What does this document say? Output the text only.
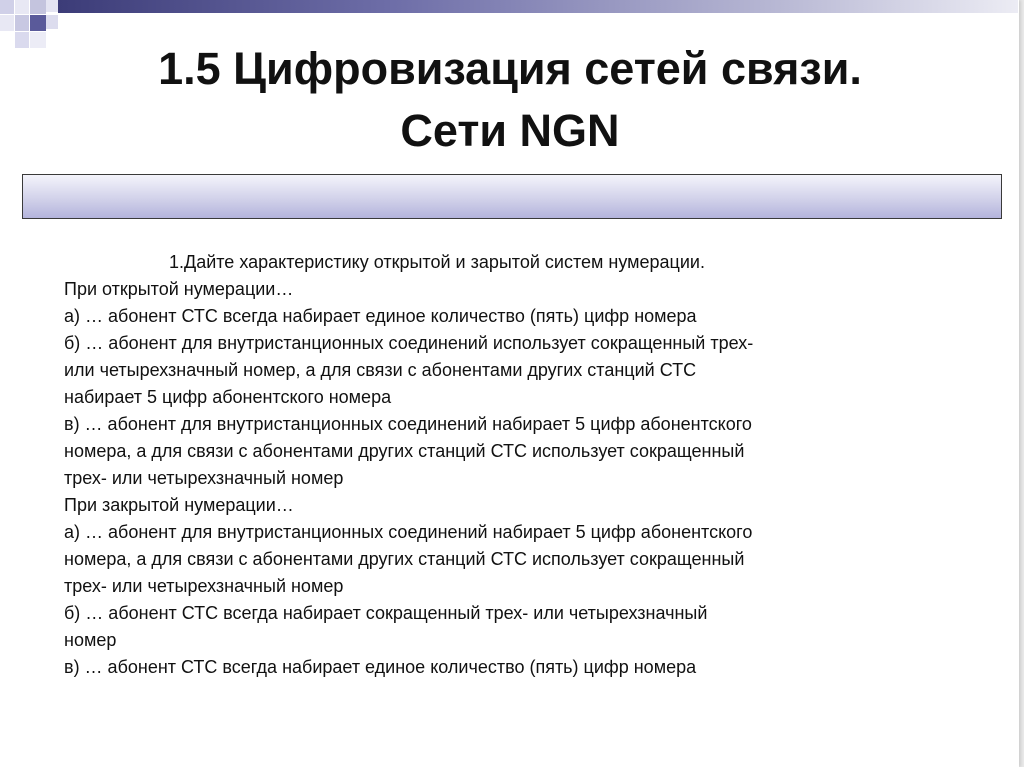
1.5 Цифровизация сетей связи.
Сети NGN

1.Дайте характеристику открытой и зарытой систем нумерации.

При открытой нумерации…

а) … абонент СТС всегда набирает единое количество (пять) цифр номера

б) … абонент для внутристанционных соединений использует сокращенный трех-

или четырехзначный номер, а для связи с абонентами других станций СТС

набирает 5 цифр абонентского номера

в) … абонент для внутристанционных соединений набирает 5 цифр абонентского

номера, а для связи с абонентами других станций СТС использует сокращенный

трех- или четырехзначный номер

При закрытой нумерации…

а) … абонент для внутристанционных соединений набирает 5 цифр абонентского

номера, а для связи с абонентами других станций СТС использует сокращенный

трех- или четырехзначный номер

б) … абонент СТС всегда набирает сокращенный трех- или четырехзначный

номер

в) … абонент СТС всегда набирает единое количество (пять) цифр номера
